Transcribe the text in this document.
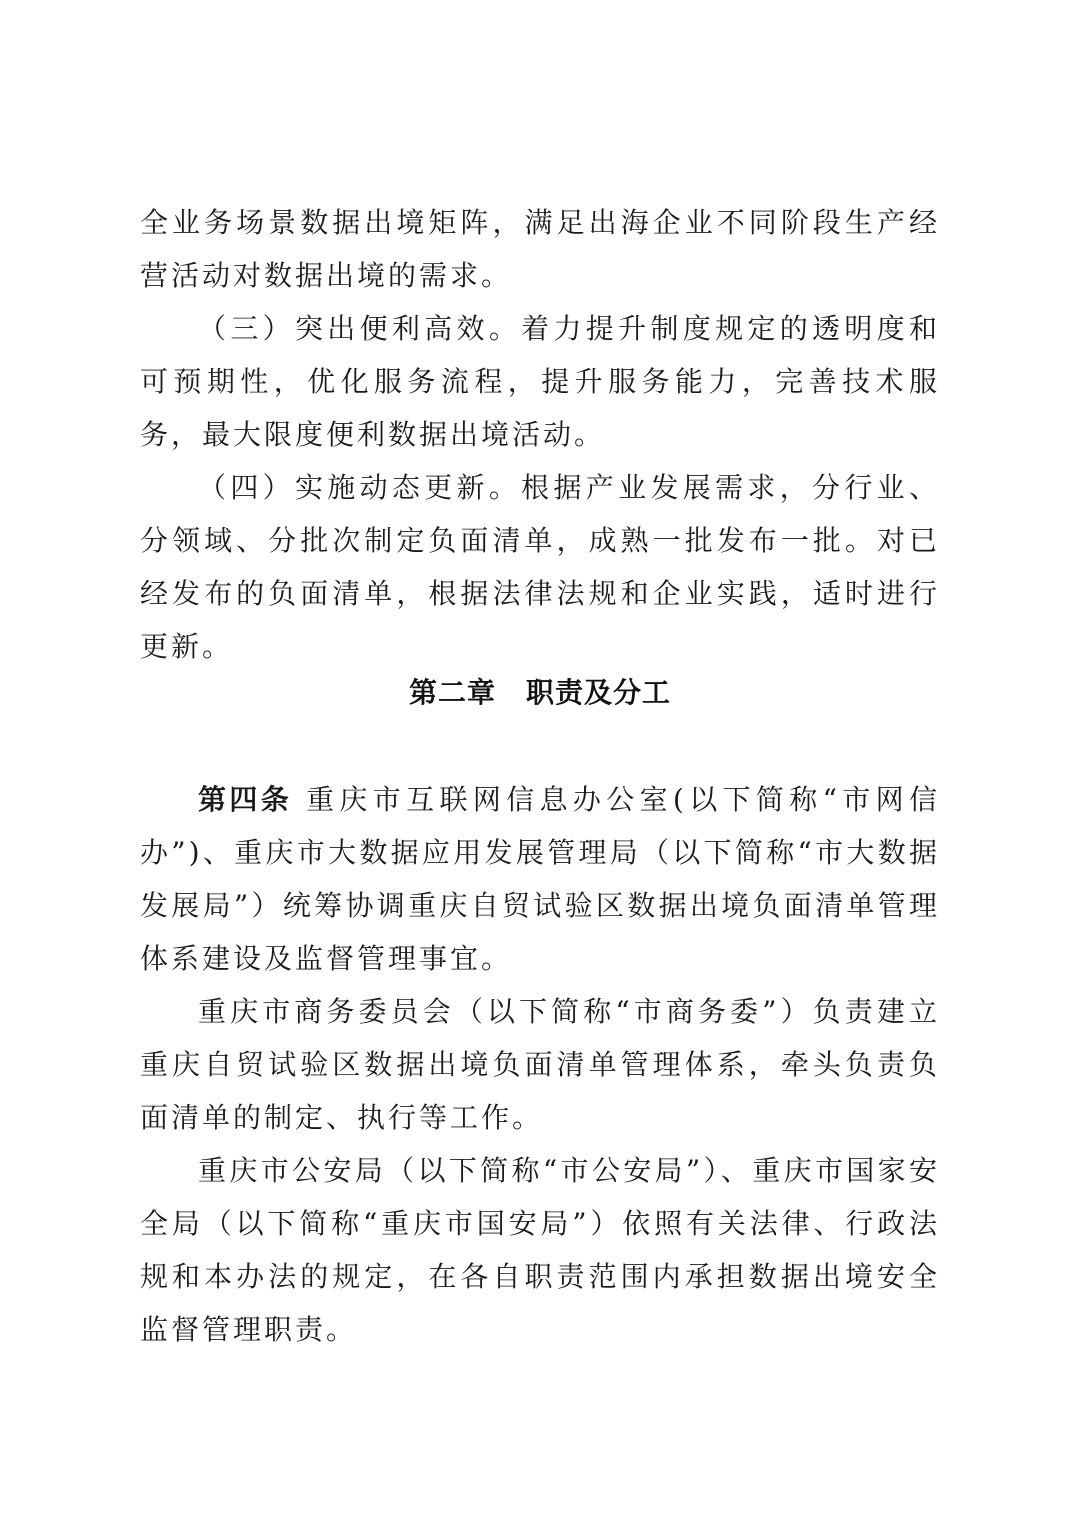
全业务场景数据出境矩阵，满足出海企业不同阶段生产经营活动对数据出境的需求。

（三）突出便利高效。着力提升制度规定的透明度和可预期性，优化服务流程，提升服务能力，完善技术服务，最大限度便利数据出境活动。

（四）实施动态更新。根据产业发展需求，分行业、分领域、分批次制定负面清单，成熟一批发布一批。对已经发布的负面清单，根据法律法规和企业实践，适时进行更新。

第二章 职责及分工

第四条 重庆市互联网信息办公室(以下简称“市网信办”)、重庆市大数据应用发展管理局（以下简称“市大数据发展局”）统筹协调重庆自贸试验区数据出境负面清单管理体系建设及监督管理事宜。

重庆市商务委员会（以下简称“市商务委”）负责建立重庆自贸试验区数据出境负面清单管理体系，牵头负责负面清单的制定、执行等工作。

重庆市公安局（以下简称“市公安局”）、重庆市国家安全局（以下简称“重庆市国安局”）依照有关法律、行政法规和本办法的规定，在各自职责范围内承担数据出境安全监督管理职责。
